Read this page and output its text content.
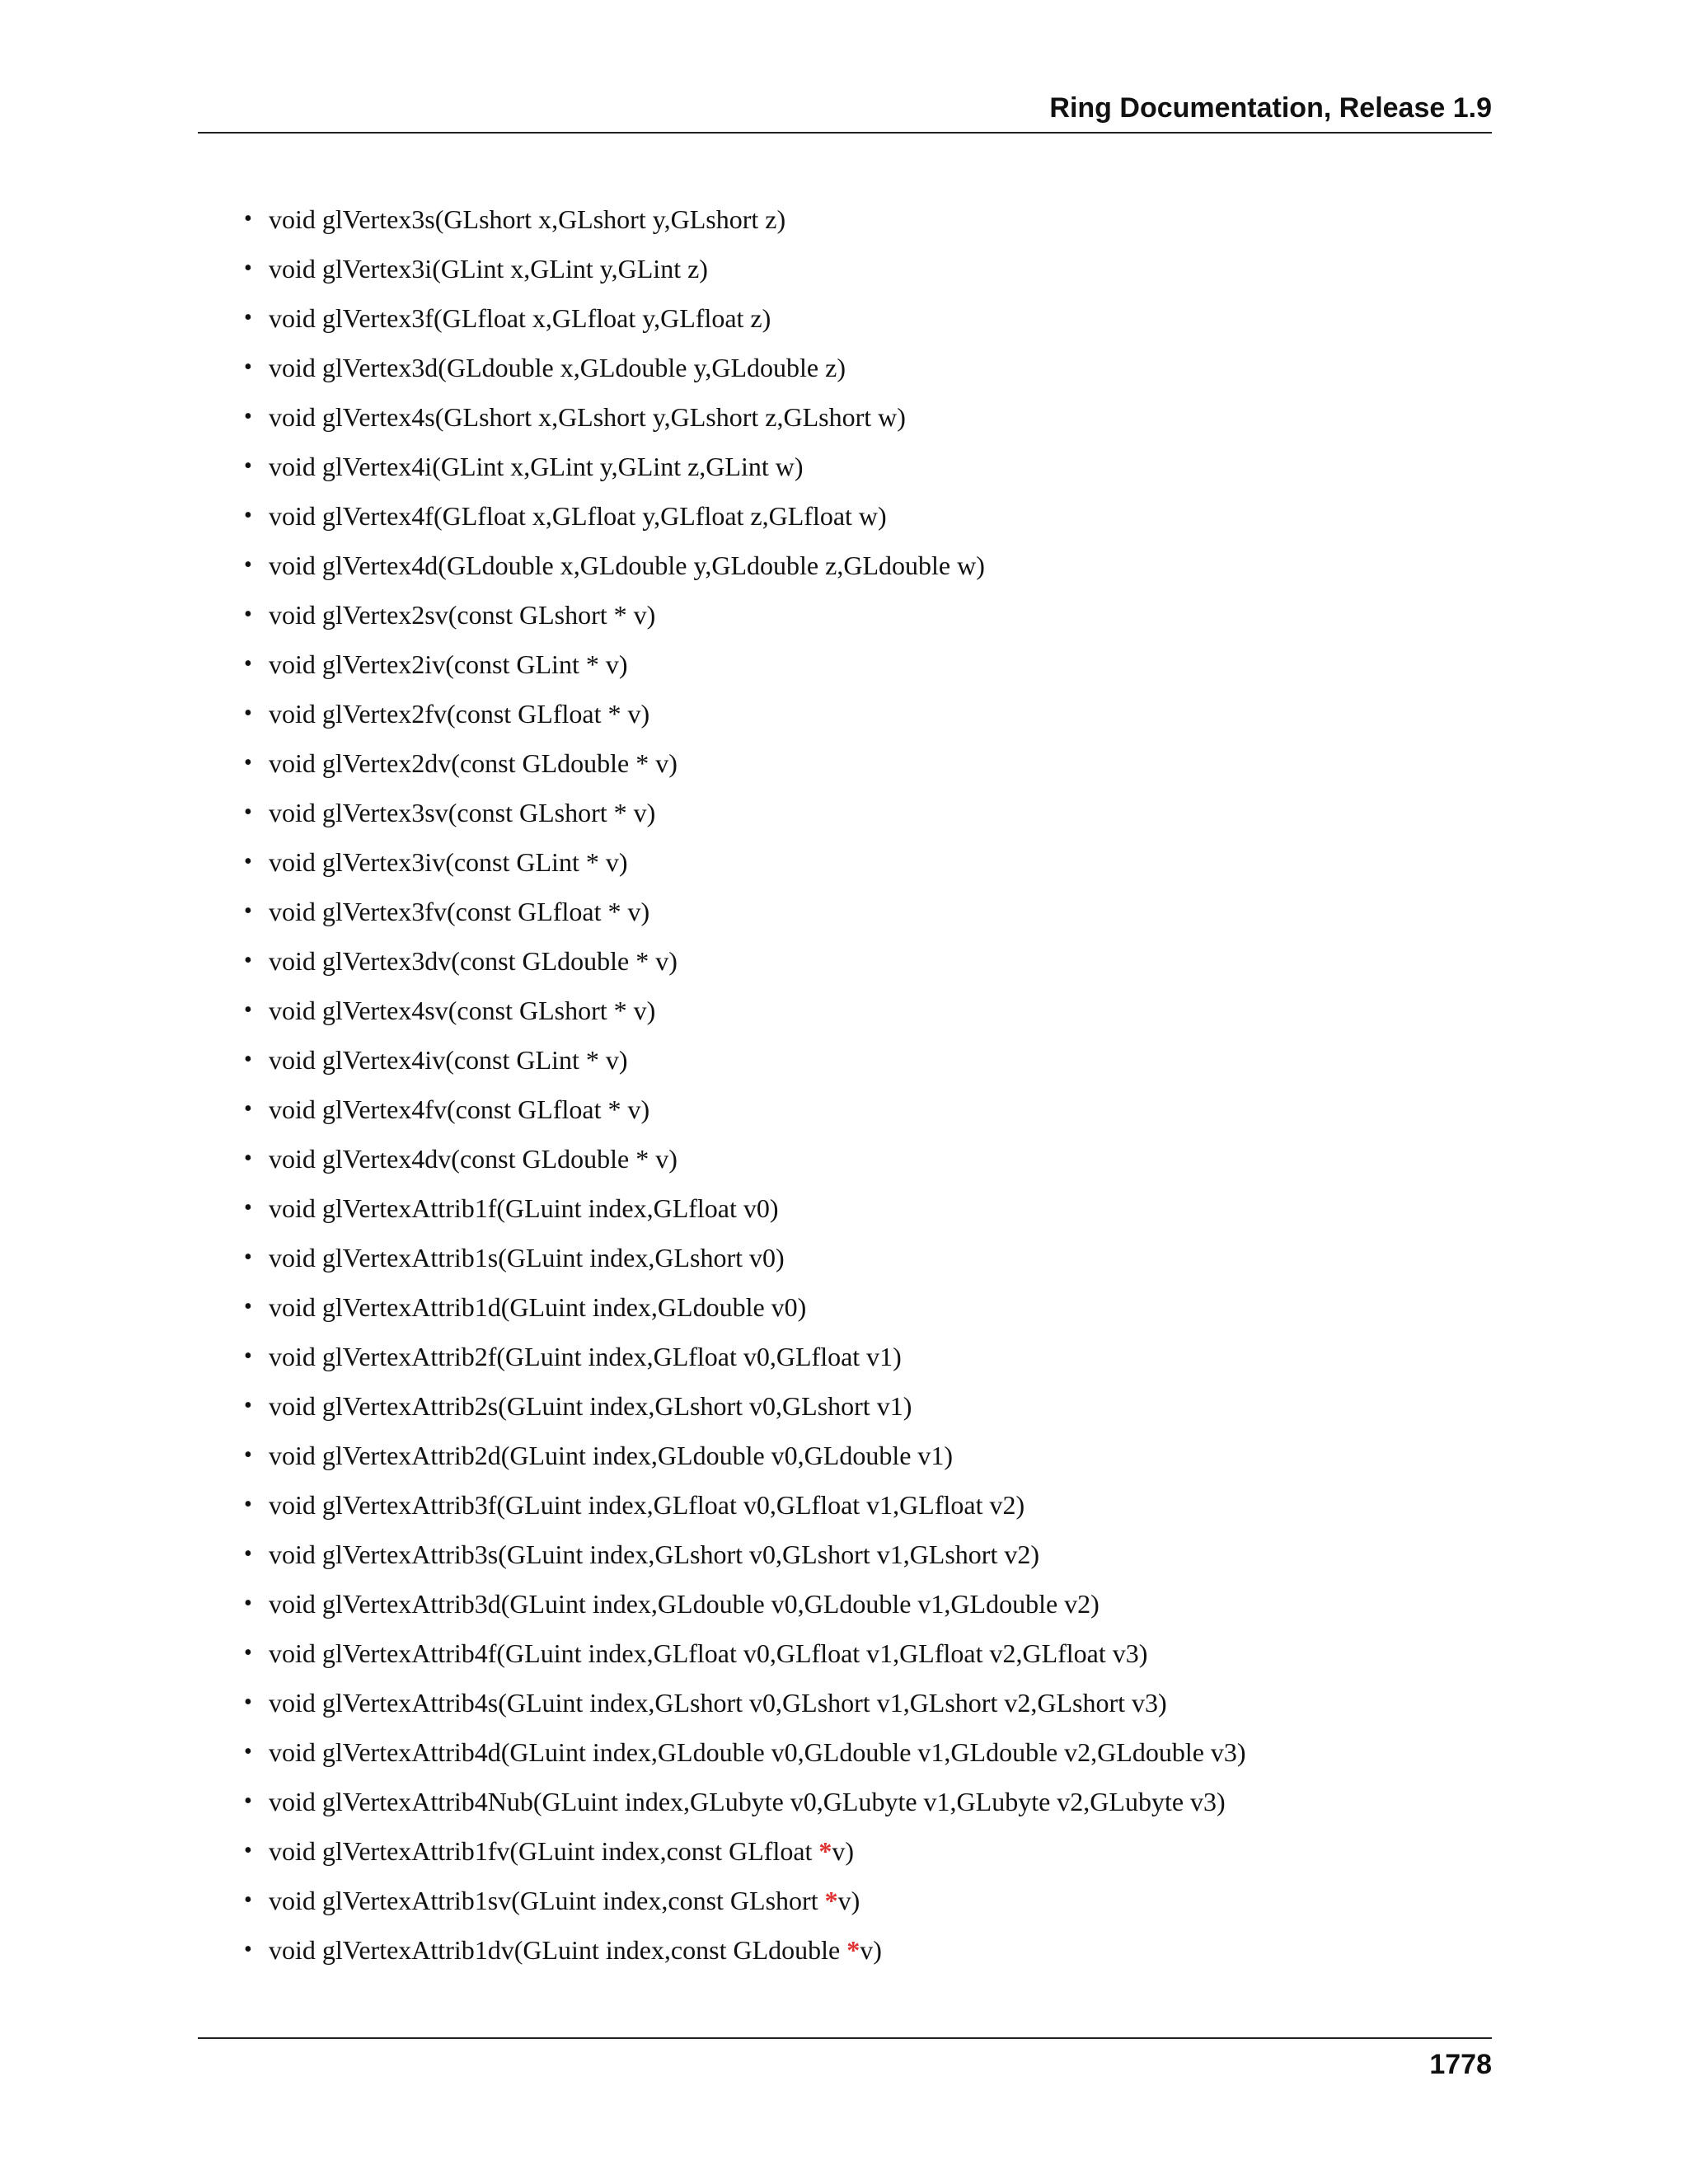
Ring Documentation, Release 1.9
• void glVertex3s(GLshort x,GLshort y,GLshort z)
• void glVertex3i(GLint x,GLint y,GLint z)
• void glVertex3f(GLfloat x,GLfloat y,GLfloat z)
• void glVertex3d(GLdouble x,GLdouble y,GLdouble z)
• void glVertex4s(GLshort x,GLshort y,GLshort z,GLshort w)
• void glVertex4i(GLint x,GLint y,GLint z,GLint w)
• void glVertex4f(GLfloat x,GLfloat y,GLfloat z,GLfloat w)
• void glVertex4d(GLdouble x,GLdouble y,GLdouble z,GLdouble w)
• void glVertex2sv(const GLshort * v)
• void glVertex2iv(const GLint * v)
• void glVertex2fv(const GLfloat * v)
• void glVertex2dv(const GLdouble * v)
• void glVertex3sv(const GLshort * v)
• void glVertex3iv(const GLint * v)
• void glVertex3fv(const GLfloat * v)
• void glVertex3dv(const GLdouble * v)
• void glVertex4sv(const GLshort * v)
• void glVertex4iv(const GLint * v)
• void glVertex4fv(const GLfloat * v)
• void glVertex4dv(const GLdouble * v)
• void glVertexAttrib1f(GLuint index,GLfloat v0)
• void glVertexAttrib1s(GLuint index,GLshort v0)
• void glVertexAttrib1d(GLuint index,GLdouble v0)
• void glVertexAttrib2f(GLuint index,GLfloat v0,GLfloat v1)
• void glVertexAttrib2s(GLuint index,GLshort v0,GLshort v1)
• void glVertexAttrib2d(GLuint index,GLdouble v0,GLdouble v1)
• void glVertexAttrib3f(GLuint index,GLfloat v0,GLfloat v1,GLfloat v2)
• void glVertexAttrib3s(GLuint index,GLshort v0,GLshort v1,GLshort v2)
• void glVertexAttrib3d(GLuint index,GLdouble v0,GLdouble v1,GLdouble v2)
• void glVertexAttrib4f(GLuint index,GLfloat v0,GLfloat v1,GLfloat v2,GLfloat v3)
• void glVertexAttrib4s(GLuint index,GLshort v0,GLshort v1,GLshort v2,GLshort v3)
• void glVertexAttrib4d(GLuint index,GLdouble v0,GLdouble v1,GLdouble v2,GLdouble v3)
• void glVertexAttrib4Nub(GLuint index,GLubyte v0,GLubyte v1,GLubyte v2,GLubyte v3)
• void glVertexAttrib1fv(GLuint index,const GLfloat *v)
• void glVertexAttrib1sv(GLuint index,const GLshort *v)
• void glVertexAttrib1dv(GLuint index,const GLdouble *v)
1778
